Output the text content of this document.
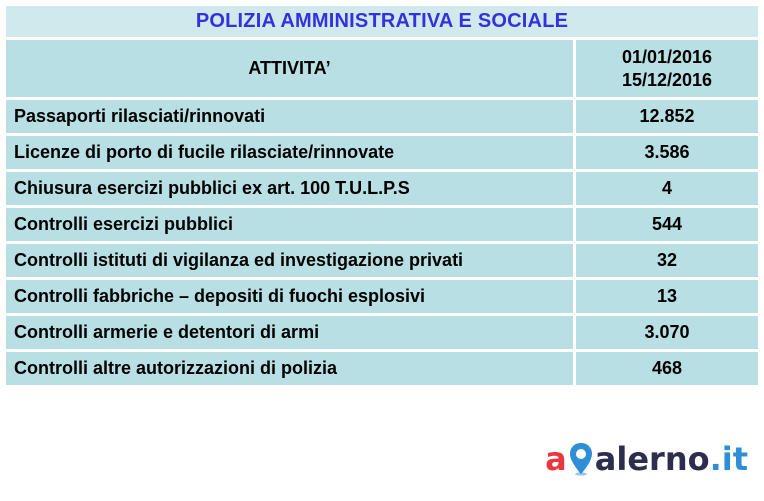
POLIZIA AMMINISTRATIVA E SOCIALE
ATTIVITA’	01/01/2016
15/12/2016

Passaporti rilasciati/rinnovati	12.852
Licenze di porto di fucile rilasciate/rinnovate	3.586
Chiusura esercizi pubblici ex art. 100 T.U.L.P.S	4
Controlli esercizi pubblici	544
Controlli istituti di vigilanza ed investigazione privati	32
Controlli fabbriche – depositi di fuochi esplosivi	13
Controlli armerie e detentori di armi	3.070
Controlli altre autorizzazioni di polizia	468
a alerno .it
